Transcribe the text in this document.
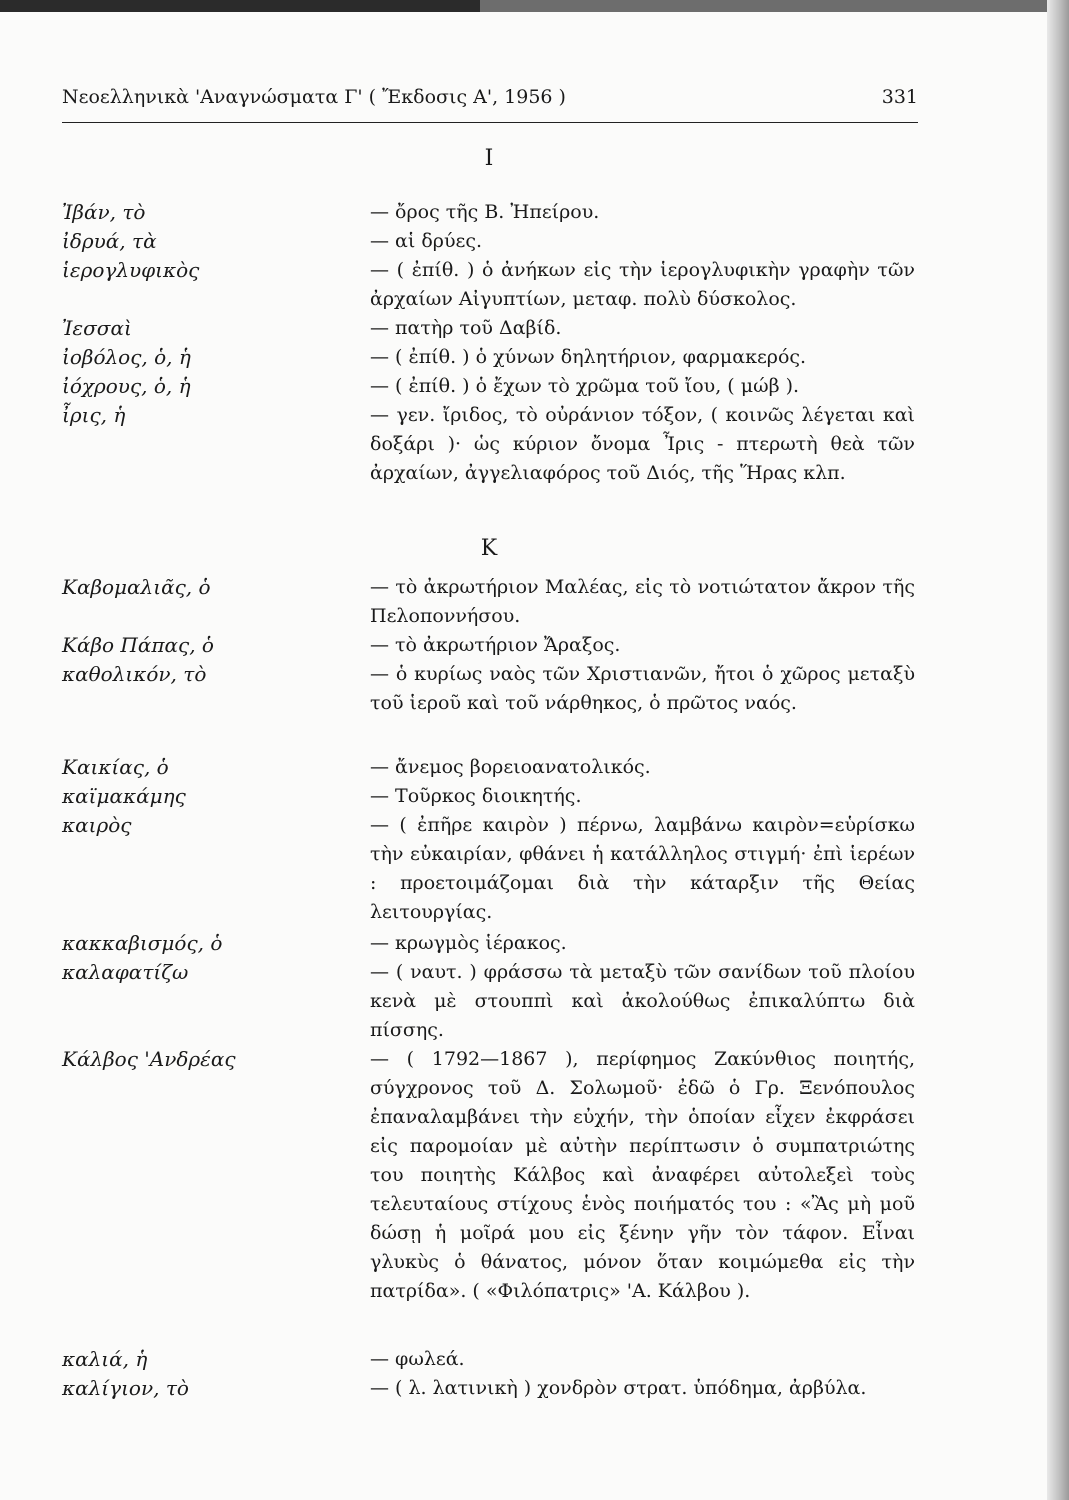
Νεοελληνικὰ 'Αναγνώσματα Γ' ( Ἔκδοσις Α', 1956 )	331
Ι
Κ
Ἰβάν, τὸ	— ὄρος τῆς Β. Ἠπείρου.

ἰδρυά, τὰ	— αἱ δρύες.

ἱερογλυφικὸς	— ( ἐπίθ. ) ὁ ἀνήκων εἰς τὴν ἱερογλυφικὴν γραφὴν τῶν ἀρχαίων Αἰγυπτίων, μεταφ. πολὺ δύσκολος.

Ἰεσσαὶ	— πατὴρ τοῦ Δαβίδ.

ἰοβόλος, ὁ, ἡ	— ( ἐπίθ. ) ὁ χύνων δηλητήριον, φαρμακερός.

ἰόχρους, ὁ, ἡ	— ( ἐπίθ. ) ὁ ἔχων τὸ χρῶμα τοῦ ἴου, ( μώβ ).

ἶρις, ἡ	— γεν. ἴριδος, τὸ οὐράνιον τόξον, ( κοινῶς λέγεται καὶ δοξάρι )· ὡς κύριον ὄνομα Ἶρις - πτερωτὴ θεὰ τῶν ἀρχαίων, ἀγγελιαφόρος τοῦ Διός, τῆς Ἥρας κλπ.

Καβομαλιᾶς, ὁ	— τὸ ἀκρωτήριον Μαλέας, εἰς τὸ νοτιώτατον ἄκρον τῆς Πελοποννήσου.

Κάβο Πάπας, ὁ	— τὸ ἀκρωτήριον Ἄραξος.

καθολικόν, τὸ	— ὁ κυρίως ναὸς τῶν Χριστιανῶν, ἤτοι ὁ χῶρος μεταξὺ τοῦ ἱεροῦ καὶ τοῦ νάρθηκος, ὁ πρῶτος ναός.

Καικίας, ὁ	— ἄνεμος βορειοανατολικός.

καϊμακάμης	— Τοῦρκος διοικητής.

καιρὸς	— ( ἐπῆρε καιρὸν ) πέρνω, λαμβάνω καιρὸν=εὑρίσκω τὴν εὐκαιρίαν, φθάνει ἡ κατάλληλος στιγμή· ἐπὶ ἱερέων : προετοιμάζομαι διὰ τὴν κάταρξιν τῆς Θείας λειτουργίας.

κακκαβισμός, ὁ	— κρωγμὸς ἱέρακος.

καλαφατίζω	— ( ναυτ. ) φράσσω τὰ μεταξὺ τῶν σανίδων τοῦ πλοίου κενὰ μὲ στουππὶ καὶ ἀκολούθως ἐπικαλύπτω διὰ πίσσης.

Κάλβος 'Ανδρέας	— ( 1792—1867 ), περίφημος Ζακύνθιος ποιητής, σύγχρονος τοῦ Δ. Σολωμοῦ· ἐδῶ ὁ Γρ. Ξενόπουλος ἐπαναλαμβάνει τὴν εὐχήν, τὴν ὁποίαν εἶχεν ἐκφράσει εἰς παρομοίαν μὲ αὐτὴν περίπτωσιν ὁ συμπατριώτης του ποιητὴς Κάλβος καὶ ἀναφέρει αὐτολεξεὶ τοὺς τελευταίους στίχους ἑνὸς ποιήματός του : «Ἂς μὴ μοῦ δώσῃ ἡ μοῖρά μου εἰς ξένην γῆν τὸν τάφον. Εἶναι γλυκὺς ὁ θάνατος, μόνον ὅταν κοιμώμεθα εἰς τὴν πατρίδα». ( «Φιλόπατρις» 'Α. Κάλβου ).

καλιά, ἡ	— φωλεά.

καλίγιον, τὸ	— ( λ. λατινικὴ ) χονδρὸν στρατ. ὑπόδημα, ἀρβύλα.
